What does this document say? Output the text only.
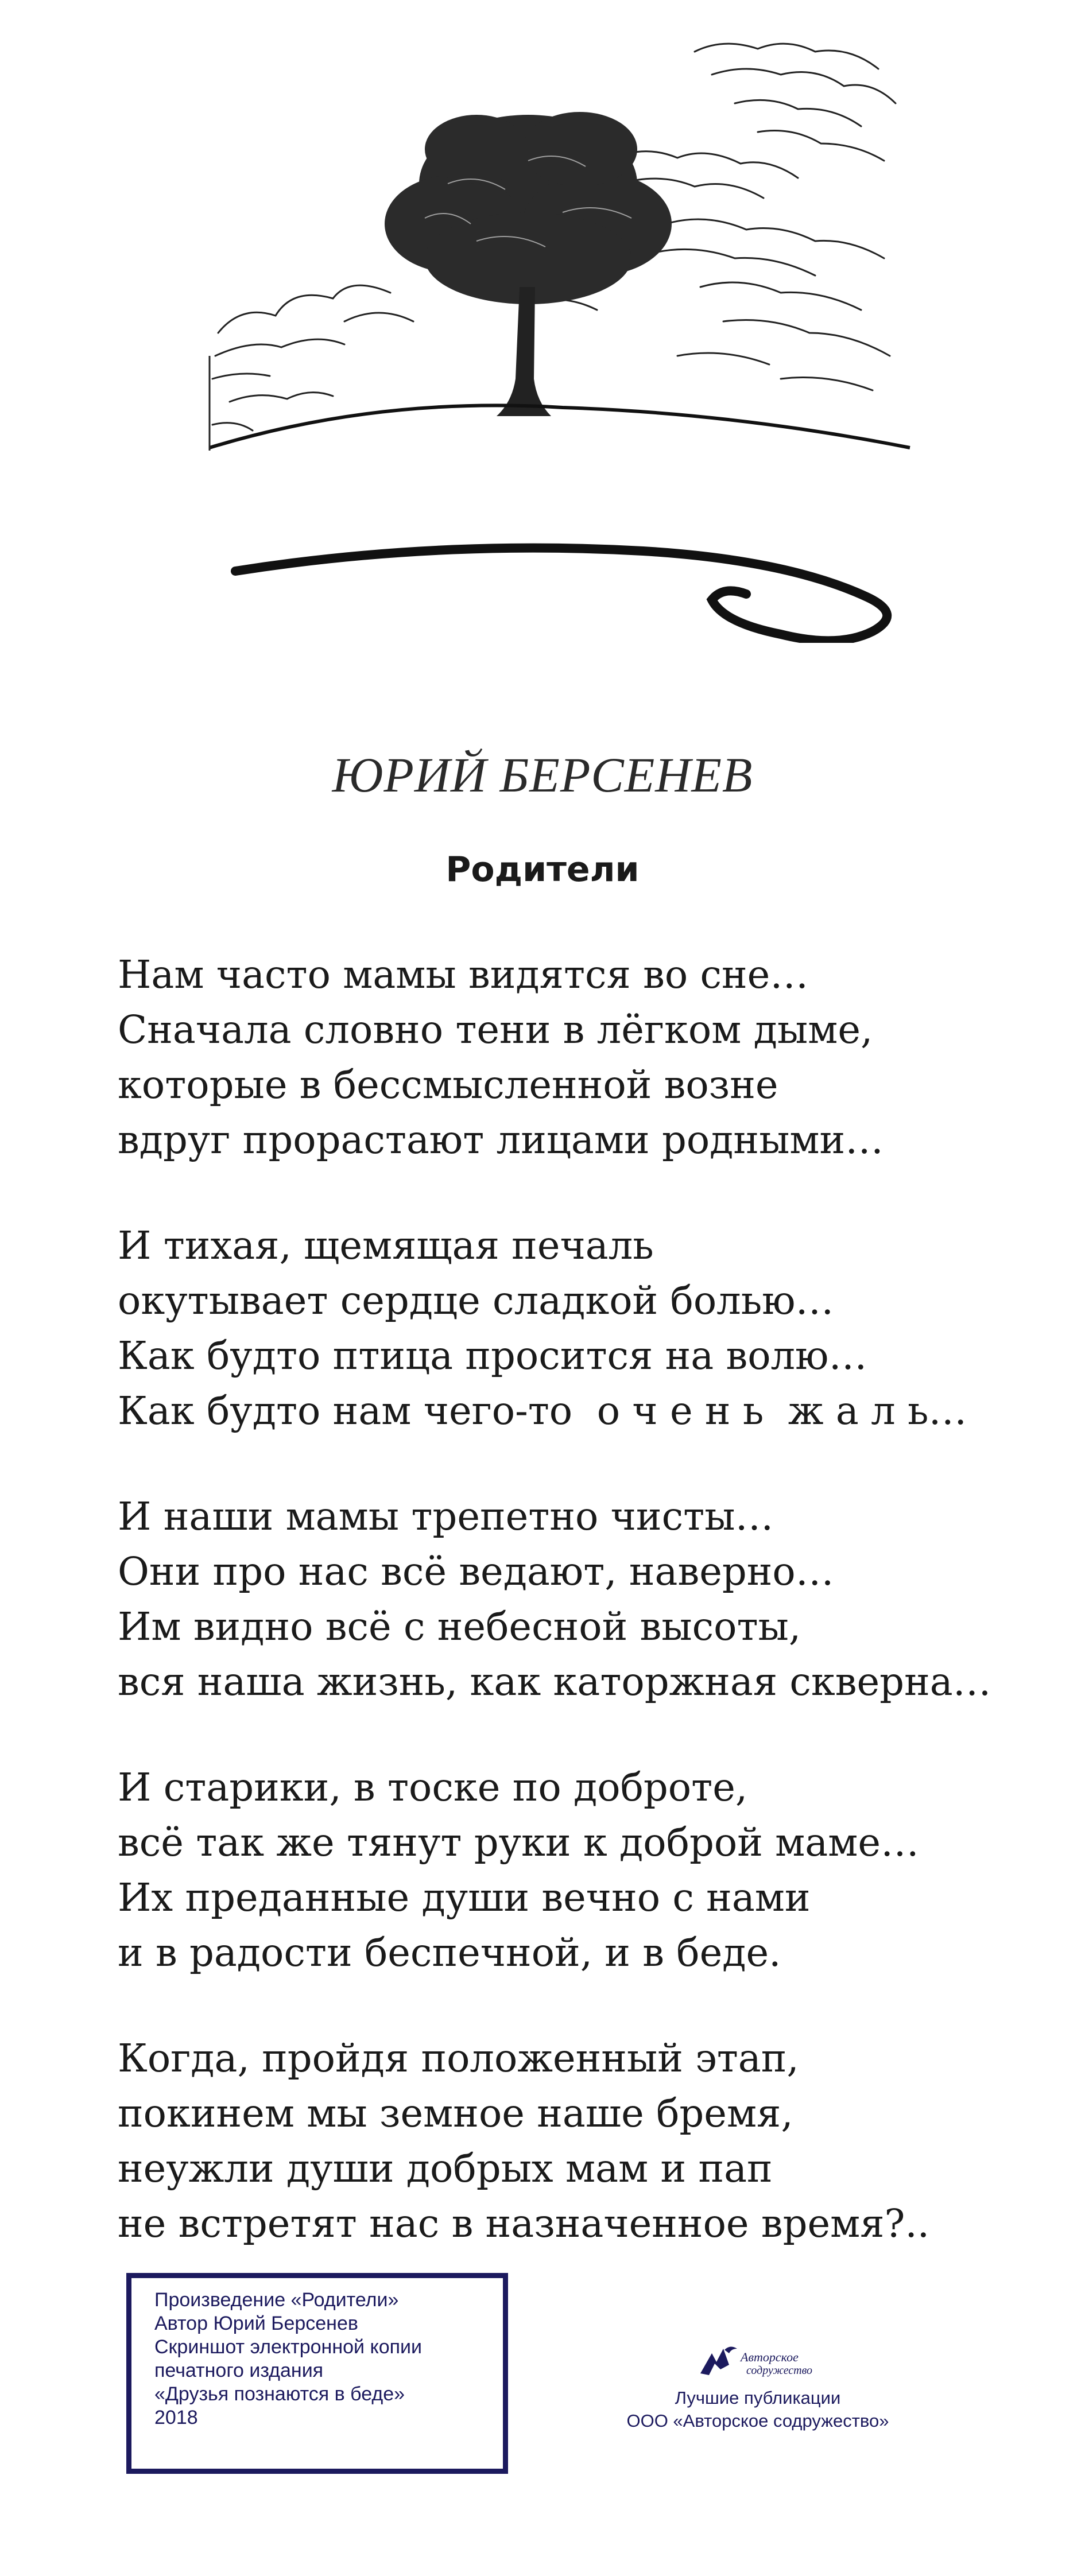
ЮРИЙ БЕРСЕНЕВ
Родители
Нам часто мамы видятся во сне…
Сначала словно тени в лёгком дыме,
которые в бессмысленной возне
вдруг прорастают лицами родными…
И тихая, щемящая печаль
окутывает сердце сладкой болью…
Как будто птица просится на волю…
Как будто нам чего-то  о ч е н ь  ж а л ь…
И наши мамы трепетно чисты…
Они про нас всё ведают, наверно…
Им видно всё с небесной высоты,
вся наша жизнь, как каторжная скверна…
И старики, в тоске по доброте,
всё так же тянут руки к доброй маме…
Их преданные души вечно с нами
и в радости беспечной, и в беде.
Когда, пройдя положенный этап,
покинем мы земное наше бремя,
неужли души добрых мам и пап
не встретят нас в назначенное время?..
Произведение «Родители»
Автор Юрий Берсенев
Скриншот электронной копии
печатного издания
«Друзья познаются в беде»
2018
Авторское
содружество
Лучшие публикации
ООО «Авторское содружество»
